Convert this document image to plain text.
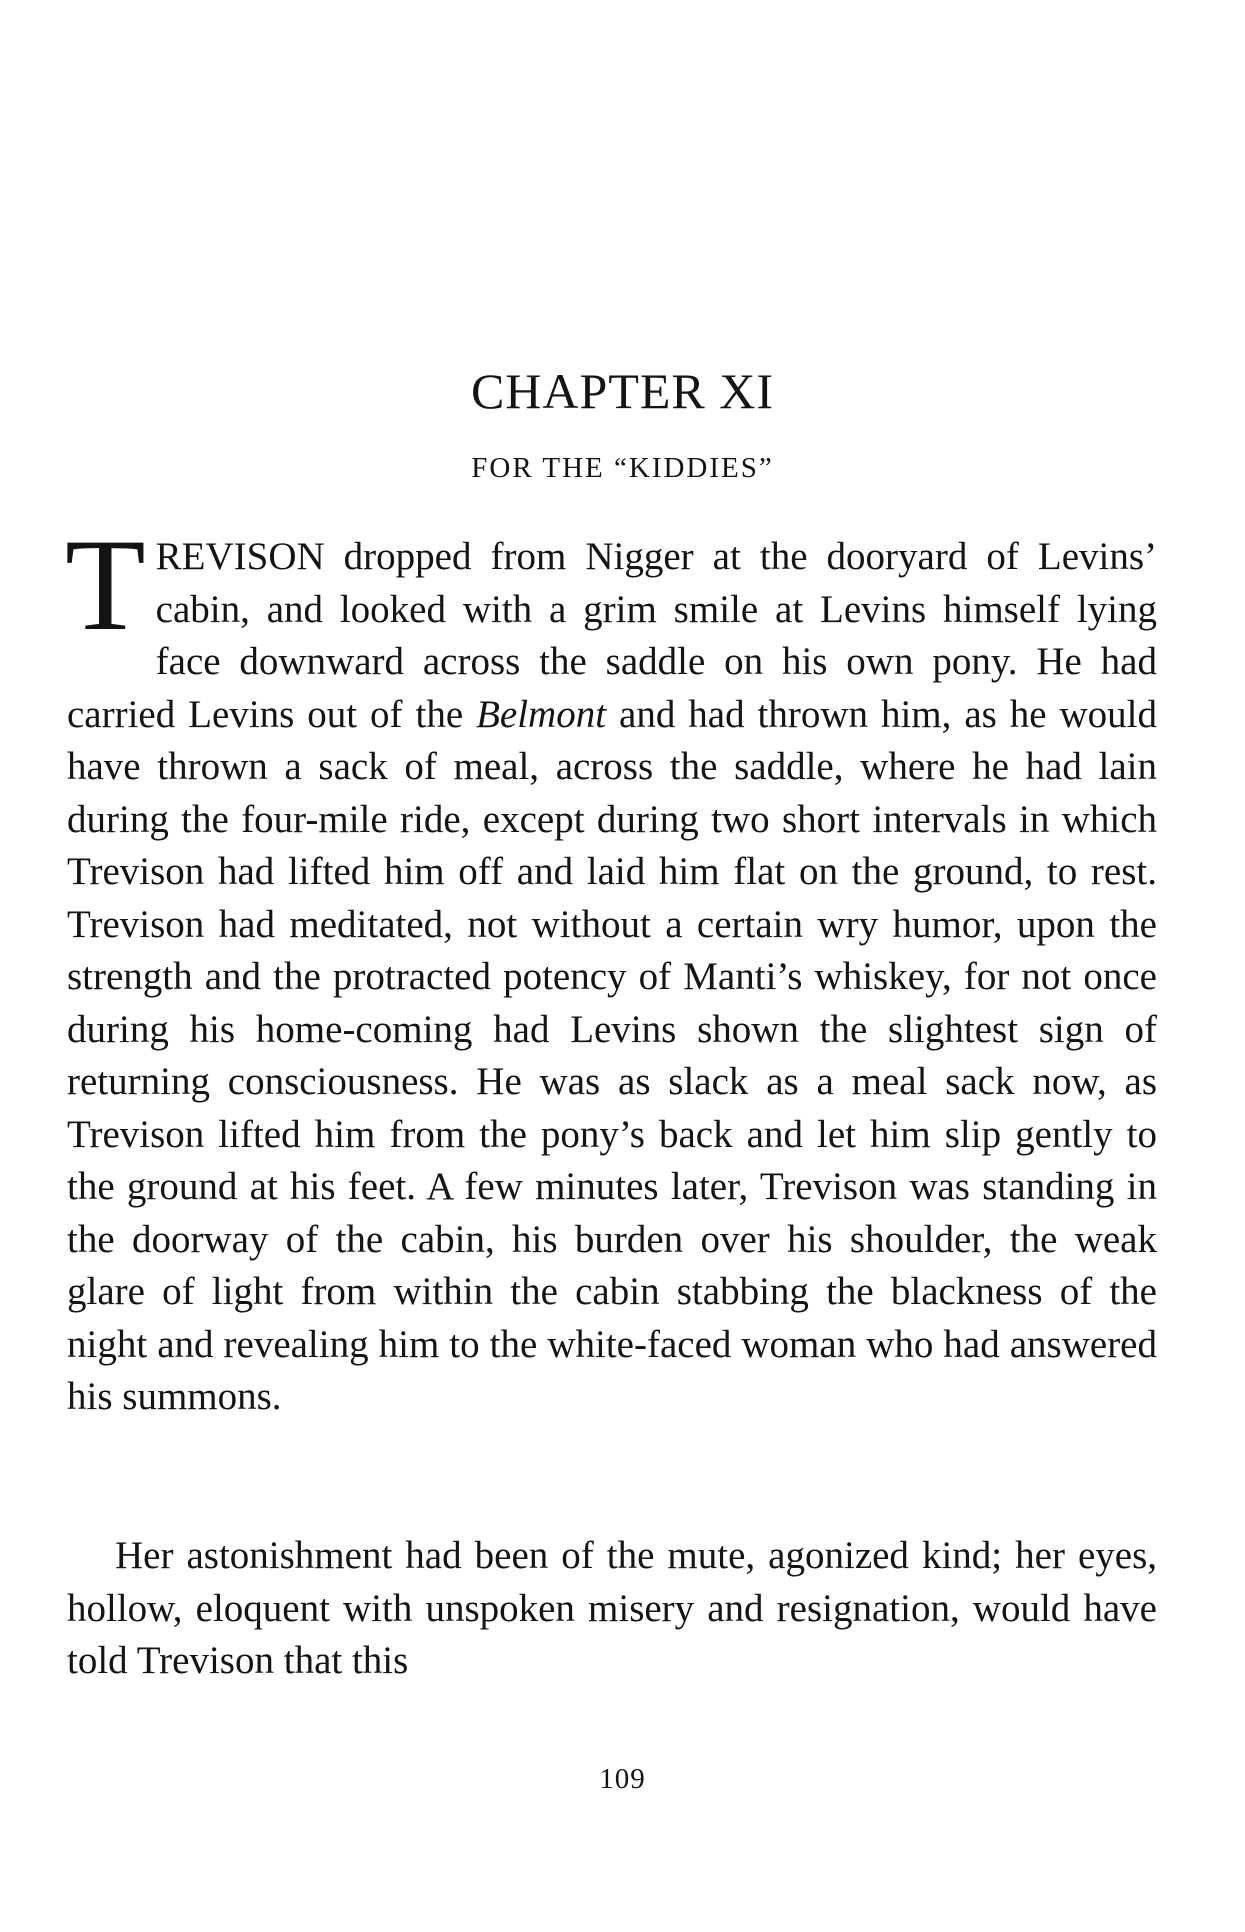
CHAPTER XI
FOR THE “KIDDIES”

TREVISON dropped from Nigger at the dooryard of Levins’ cabin, and looked with a grim smile at Levins himself lying face downward across the saddle on his own pony. He had carried Levins out of the Belmont and had thrown him, as he would have thrown a sack of meal, across the saddle, where he had lain during the four-mile ride, except during two short intervals in which Trevison had lifted him off and laid him flat on the ground, to rest. Trevison had meditated, not without a certain wry humor, upon the strength and the protracted potency of Manti’s whiskey, for not once during his home-coming had Levins shown the slightest sign of returning consciousness. He was as slack as a meal sack now, as Trevison lifted him from the pony’s back and let him slip gently to the ground at his feet. A few minutes later, Trevison was standing in the doorway of the cabin, his burden over his shoulder, the weak glare of light from within the cabin stabbing the blackness of the night and revealing him to the white-faced woman who had answered his summons.

Her astonishment had been of the mute, agonized kind; her eyes, hollow, eloquent with unspoken misery and resignation, would have told Trevison that this

109
